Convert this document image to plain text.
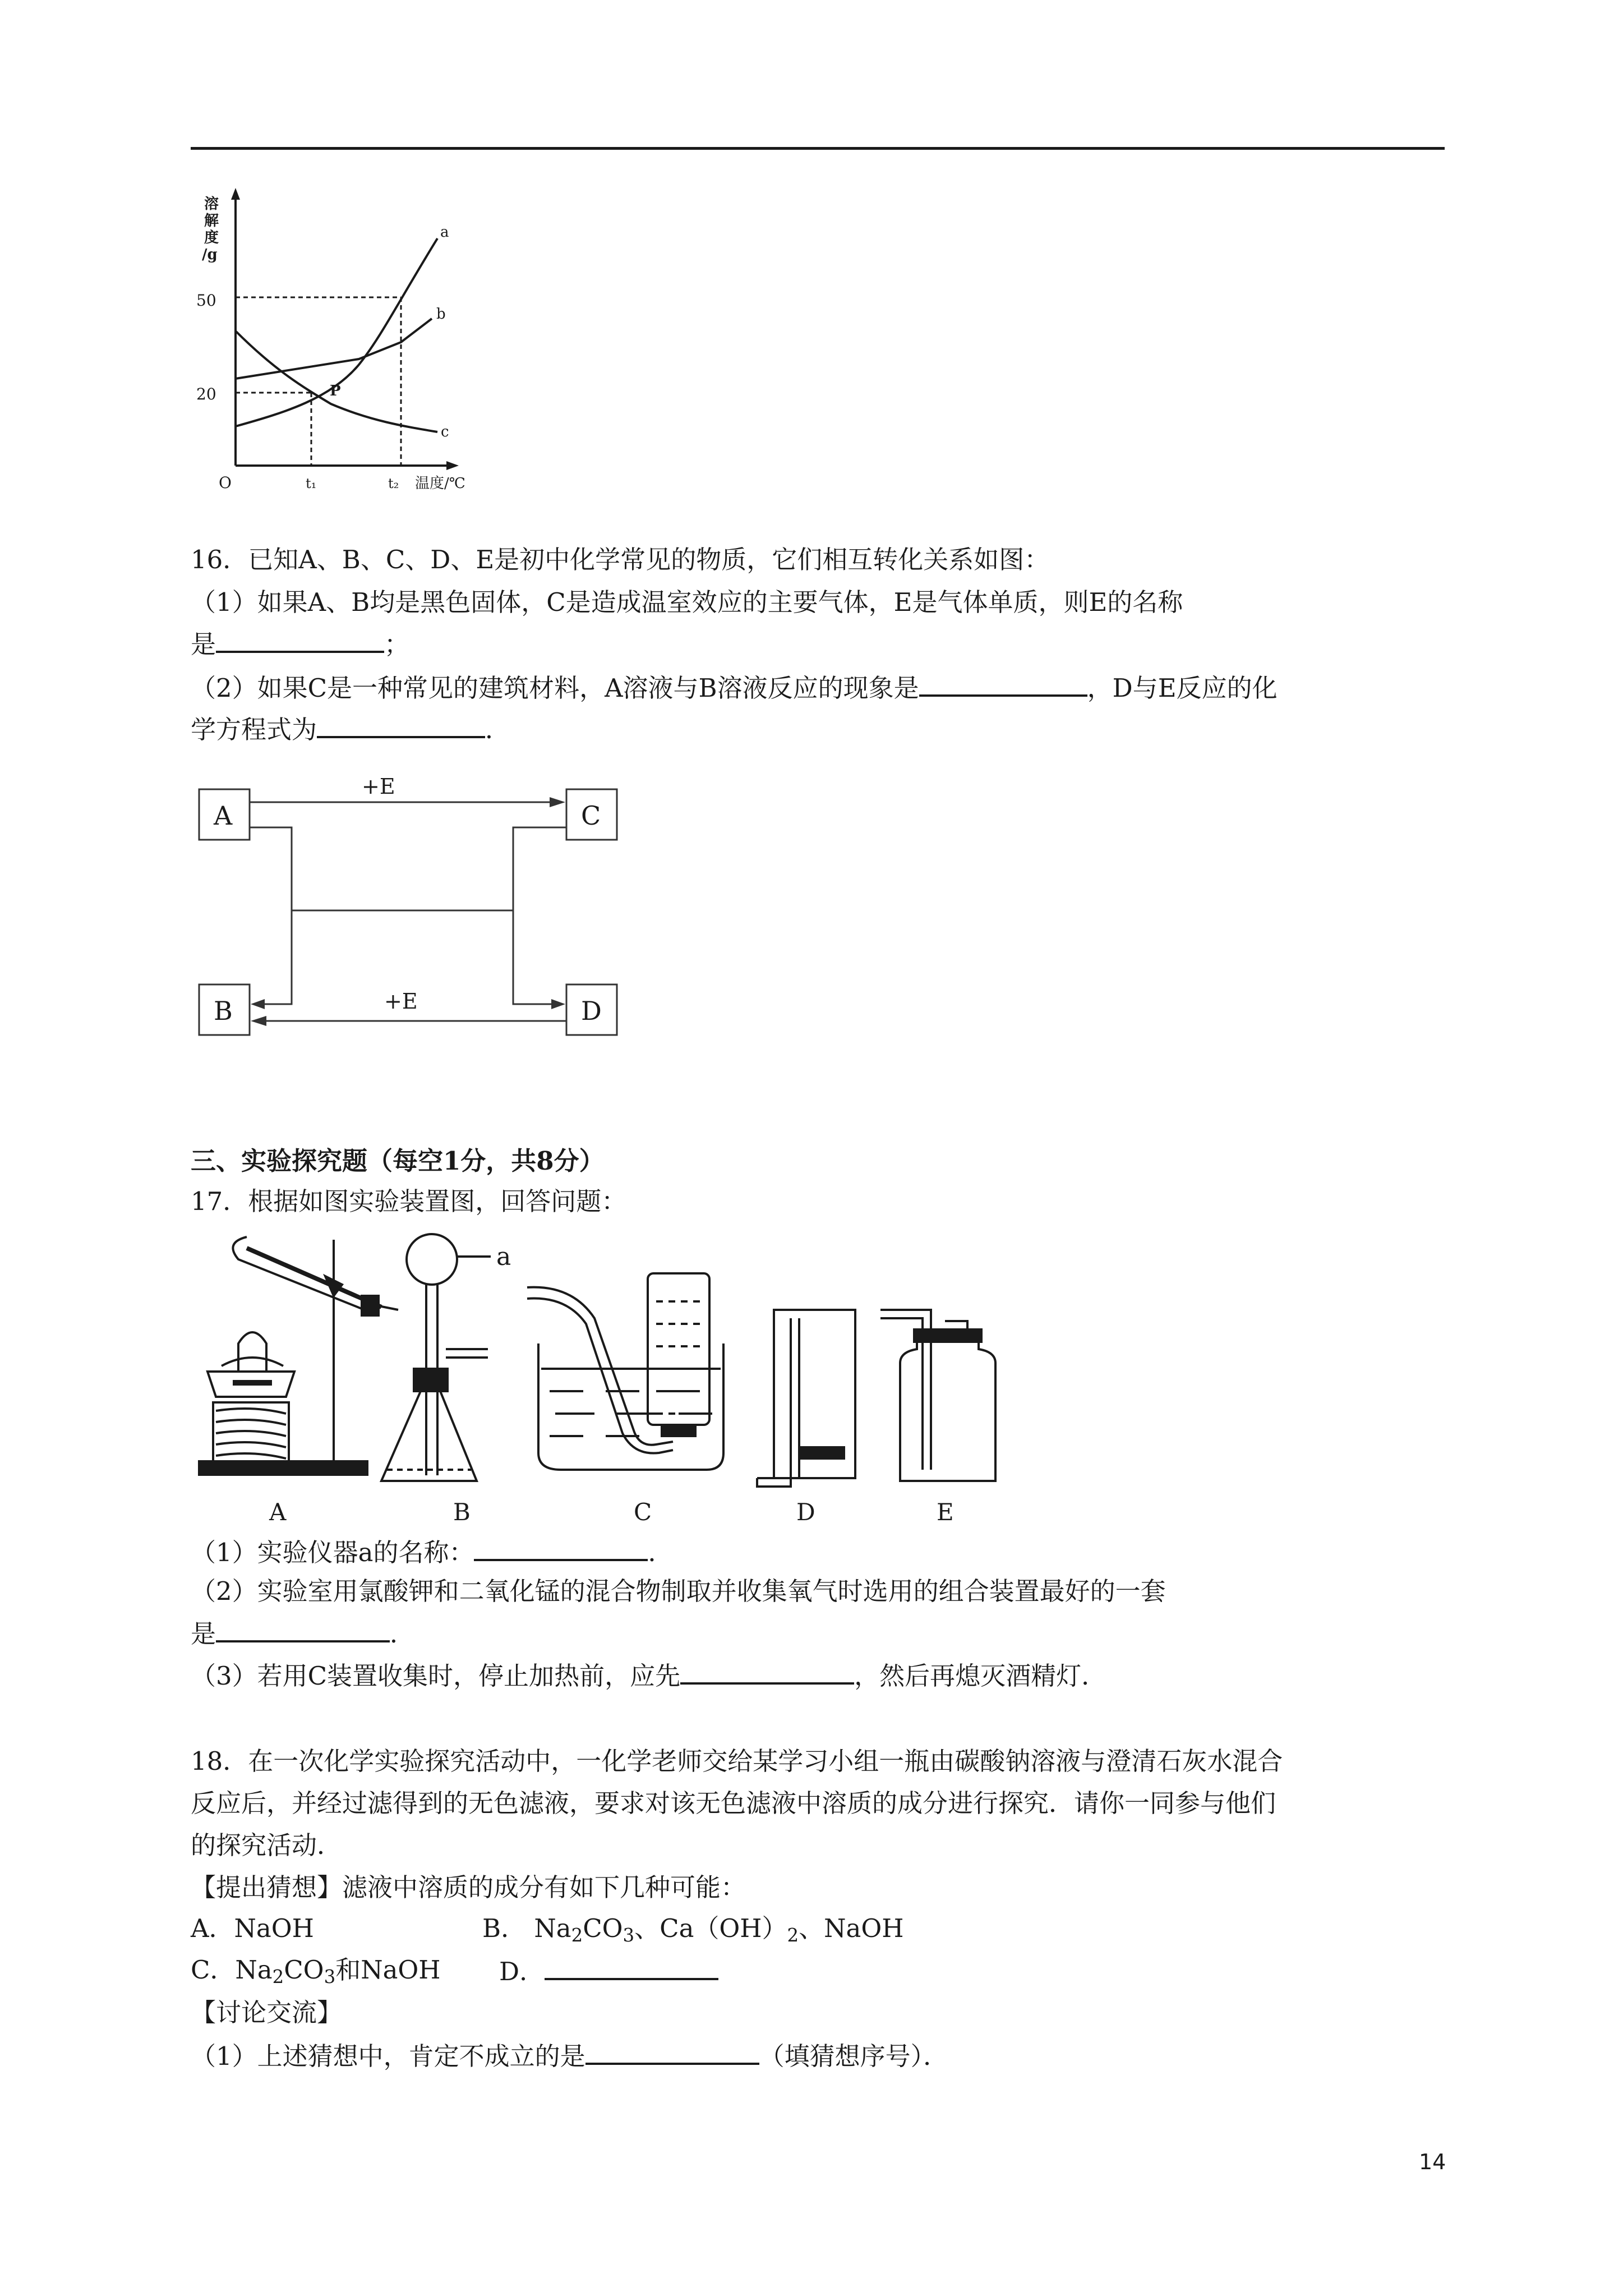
溶解度/g
50
20
O	t₁	t₂ 温度/℃
a
b
c
P
16．已知A、B、C、D、E是初中化学常见的物质，它们相互转化关系如图：
（1）如果A、B均是黑色固体，C是造成温室效应的主要气体，E是气体单质，则E的名称
是	；
（2）如果C是一种常见的建筑材料，A溶液与B溶液反应的现象是	，D与E反应的化
学方程式为	．
A	C
B	D
+E
+E
三、实验探究题（每空1分，共8分）
17．根据如图实验装置图，回答问题：
a
A	B	C	D	E
（1）实验仪器a的名称：	．
（2）实验室用氯酸钾和二氧化锰的混合物制取并收集氧气时选用的组合装置最好的一套
是	．
（3）若用C装置收集时，停止加热前，应先	，然后再熄灭酒精灯．
18．在一次化学实验探究活动中，一化学老师交给某学习小组一瓶由碳酸钠溶液与澄清石灰水混合
反应后，并经过滤得到的无色滤液，要求对该无色滤液中溶质的成分进行探究．请你一同参与他们
的探究活动．
【提出猜想】滤液中溶质的成分有如下几种可能：
A．NaOH	B． Na2CO3、Ca（OH）2、NaOH
C．Na2CO3和NaOH D．
【讨论交流】
（1）上述猜想中，肯定不成立的是	（填猜想序号）．
14
